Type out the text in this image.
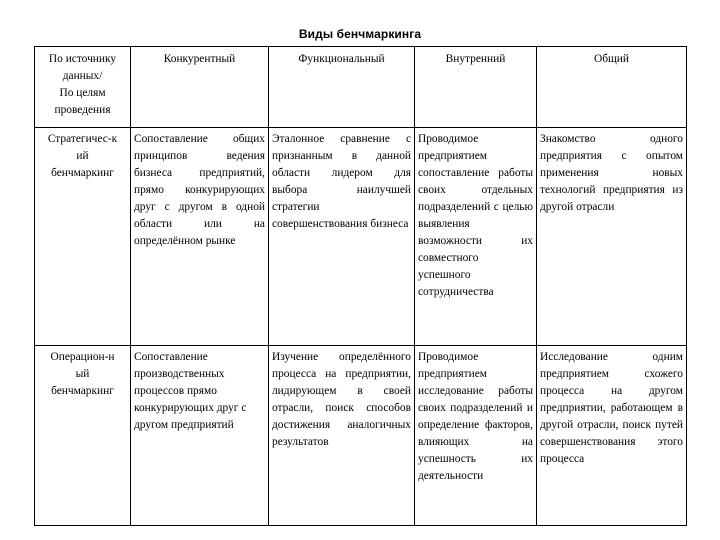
Виды бенчмаркинга
По источнику
данных/
По целям
проведения	Конкурентный	Функциональный	Внутренний	Общий
Стратегичес-к
ий
бенчмаркинг	Сопоставление общих принципов ведения бизнеса предприятий, прямо конкурирующих друг с другом в одной области или на определённом рынке	Эталонное сравнение с признанным в данной области лидером для выбора наилучшей стратегии совершенствования бизнеса	Проводимое предприятием сопоставление работы своих отдельных подразделений с целью выявления возможности их совместного успешного сотрудничества	Знакомство одного предприятия с опытом применения новых технологий предприятия из другой отрасли
Операцион-н
ый
бенчмаркинг	Сопоставление производственных процессов прямо конкурирующих друг с другом предприятий	Изучение определённого процесса на предприятии, лидирующем в своей отрасли, поиск способов достижения аналогичных результатов	Проводимое предприятием исследование работы своих подразделений и определение факторов, влияющих на успешность их деятельности	Исследование одним предприятием схожего процесса на другом предприятии, работающем в другой отрасли, поиск путей совершенствования этого процесса
